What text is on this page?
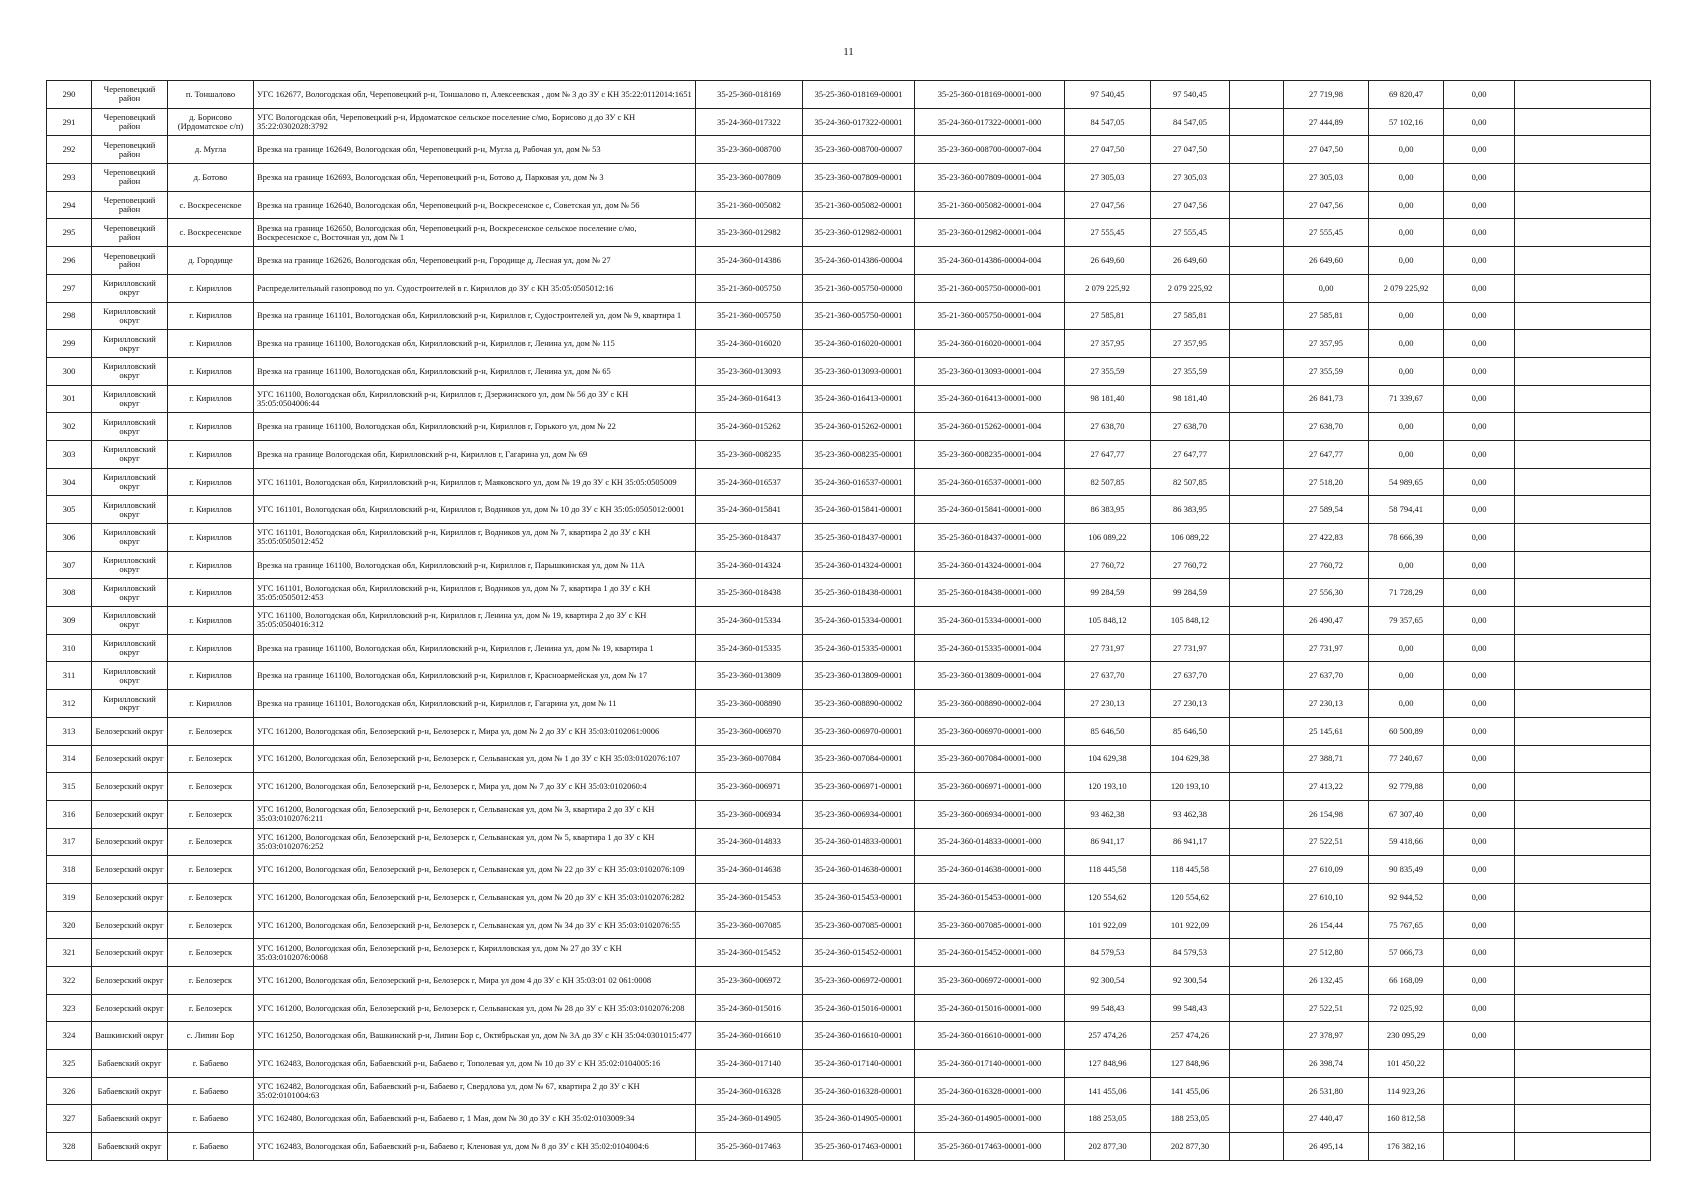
11
290	Череповецкий район	п. Тоншалово	УГС 162677, Вологодская обл, Череповецкий р-н, Тоншалово п, Алексеевская , дом № 3 до ЗУ с КН 35:22:0112014:1651	35-25-360-018169	35-25-360-018169-00001	35-25-360-018169-00001-000	97 540,45	97 540,45		27 719,98	69 820,47	0,00	
291	Череповецкий район	д. Борисово (Ирдоматское с/п)	УГС Вологодская обл, Череповецкий р-н, Ирдоматское сельское поселение с/мо, Борисово д до ЗУ с КН 35:22:0302028:3792	35-24-360-017322	35-24-360-017322-00001	35-24-360-017322-00001-000	84 547,05	84 547,05		27 444,89	57 102,16	0,00	
292	Череповецкий район	д. Мугла	Врезка на границе 162649, Вологодская обл, Череповецкий р-н, Мугла д, Рабочая ул, дом № 53	35-23-360-008700	35-23-360-008700-00007	35-23-360-008700-00007-004	27 047,50	27 047,50		27 047,50	0,00	0,00	
293	Череповецкий район	д. Ботово	Врезка на границе 162693, Вологодская обл, Череповецкий р-н, Ботово д, Парковая ул, дом № 3	35-23-360-007809	35-23-360-007809-00001	35-23-360-007809-00001-004	27 305,03	27 305,03		27 305,03	0,00	0,00	
294	Череповецкий район	с. Воскресенское	Врезка на границе 162640, Вологодская обл, Череповецкий р-н, Воскресенское с, Советская ул, дом № 56	35-21-360-005082	35-21-360-005082-00001	35-21-360-005082-00001-004	27 047,56	27 047,56		27 047,56	0,00	0,00	
295	Череповецкий район	с. Воскресенское	Врезка на границе 162650, Вологодская обл, Череповецкий р-н, Воскресенское сельское поселение с/мо, Воскресенское с, Восточная ул, дом № 1	35-23-360-012982	35-23-360-012982-00001	35-23-360-012982-00001-004	27 555,45	27 555,45		27 555,45	0,00	0,00	
296	Череповецкий район	д. Городище	Врезка на границе 162626, Вологодская обл, Череповецкий р-н, Городище д, Лесная ул, дом № 27	35-24-360-014386	35-24-360-014386-00004	35-24-360-014386-00004-004	26 649,60	26 649,60		26 649,60	0,00	0,00	
297	Кирилловский округ	г. Кириллов	Распределительный газопровод по ул. Судостроителей в г. Кириллов до ЗУ с КН 35:05:0505012:16	35-21-360-005750	35-21-360-005750-00000	35-21-360-005750-00000-001	2 079 225,92	2 079 225,92		0,00	2 079 225,92	0,00	
298	Кирилловский округ	г. Кириллов	Врезка на границе 161101, Вологодская обл, Кирилловский р-н, Кириллов г, Судостроителей ул, дом № 9, квартира 1	35-21-360-005750	35-21-360-005750-00001	35-21-360-005750-00001-004	27 585,81	27 585,81		27 585,81	0,00	0,00	
299	Кирилловский округ	г. Кириллов	Врезка на границе 161100, Вологодская обл, Кирилловский р-н, Кириллов г, Ленина ул, дом № 115	35-24-360-016020	35-24-360-016020-00001	35-24-360-016020-00001-004	27 357,95	27 357,95		27 357,95	0,00	0,00	
300	Кирилловский округ	г. Кириллов	Врезка на границе 161100, Вологодская обл, Кирилловский р-н, Кириллов г, Ленина ул, дом № 65	35-23-360-013093	35-23-360-013093-00001	35-23-360-013093-00001-004	27 355,59	27 355,59		27 355,59	0,00	0,00	
301	Кирилловский округ	г. Кириллов	УГС 161100, Вологодская обл, Кирилловский р-н, Кириллов г, Дзержинского ул, дом № 56 до ЗУ с КН 35:05:0504006:44	35-24-360-016413	35-24-360-016413-00001	35-24-360-016413-00001-000	98 181,40	98 181,40		26 841,73	71 339,67	0,00	
302	Кирилловский округ	г. Кириллов	Врезка на границе 161100, Вологодская обл, Кирилловский р-н, Кириллов г, Горького ул, дом № 22	35-24-360-015262	35-24-360-015262-00001	35-24-360-015262-00001-004	27 638,70	27 638,70		27 638,70	0,00	0,00	
303	Кирилловский округ	г. Кириллов	Врезка на границе Вологодская обл, Кирилловский р-н, Кириллов г, Гагарина ул, дом № 69	35-23-360-008235	35-23-360-008235-00001	35-23-360-008235-00001-004	27 647,77	27 647,77		27 647,77	0,00	0,00	
304	Кирилловский округ	г. Кириллов	УГС 161101, Вологодская обл, Кирилловский р-н, Кириллов г, Маяковского ул, дом № 19 до ЗУ с КН 35:05:0505009	35-24-360-016537	35-24-360-016537-00001	35-24-360-016537-00001-000	82 507,85	82 507,85		27 518,20	54 989,65	0,00	
305	Кирилловский округ	г. Кириллов	УГС 161101, Вологодская обл, Кирилловский р-н, Кириллов г, Водников ул, дом № 10 до ЗУ с КН 35:05:0505012:0001	35-24-360-015841	35-24-360-015841-00001	35-24-360-015841-00001-000	86 383,95	86 383,95		27 589,54	58 794,41	0,00	
306	Кирилловский округ	г. Кириллов	УГС 161101, Вологодская обл, Кирилловский р-н, Кириллов г, Водников ул, дом № 7, квартира 2 до ЗУ с КН 35:05:0505012:452	35-25-360-018437	35-25-360-018437-00001	35-25-360-018437-00001-000	106 089,22	106 089,22		27 422,83	78 666,39	0,00	
307	Кирилловский округ	г. Кириллов	Врезка на границе 161100, Вологодская обл, Кирилловский р-н, Кириллов г, Парышкинская ул, дом № 11А	35-24-360-014324	35-24-360-014324-00001	35-24-360-014324-00001-004	27 760,72	27 760,72		27 760,72	0,00	0,00	
308	Кирилловский округ	г. Кириллов	УГС 161101, Вологодская обл, Кирилловский р-н, Кириллов г, Водников ул, дом № 7, квартира 1 до ЗУ с КН 35:05:0505012:453	35-25-360-018438	35-25-360-018438-00001	35-25-360-018438-00001-000	99 284,59	99 284,59		27 556,30	71 728,29	0,00	
309	Кирилловский округ	г. Кириллов	УГС 161100, Вологодская обл, Кирилловский р-н, Кириллов г, Ленина ул, дом № 19, квартира 2 до ЗУ с КН 35:05:0504016:312	35-24-360-015334	35-24-360-015334-00001	35-24-360-015334-00001-000	105 848,12	105 848,12		26 490,47	79 357,65	0,00	
310	Кирилловский округ	г. Кириллов	Врезка на границе 161100, Вологодская обл, Кирилловский р-н, Кириллов г, Ленина ул, дом № 19, квартира 1	35-24-360-015335	35-24-360-015335-00001	35-24-360-015335-00001-004	27 731,97	27 731,97		27 731,97	0,00	0,00	
311	Кирилловский округ	г. Кириллов	Врезка на границе 161100, Вологодская обл, Кирилловский р-н, Кириллов г, Красноармейская ул, дом № 17	35-23-360-013809	35-23-360-013809-00001	35-23-360-013809-00001-004	27 637,70	27 637,70		27 637,70	0,00	0,00	
312	Кирилловский округ	г. Кириллов	Врезка на границе 161101, Вологодская обл, Кирилловский р-н, Кириллов г, Гагарина ул, дом № 11	35-23-360-008890	35-23-360-008890-00002	35-23-360-008890-00002-004	27 230,13	27 230,13		27 230,13	0,00	0,00	
313	Белозерский округ	г. Белозерск	УГС 161200, Вологодская обл, Белозерский р-н, Белозерск г, Мира ул, дом № 2 до ЗУ с КН 35:03:0102061:0006	35-23-360-006970	35-23-360-006970-00001	35-23-360-006970-00001-000	85 646,50	85 646,50		25 145,61	60 500,89	0,00	
314	Белозерский округ	г. Белозерск	УГС 161200, Вологодская обл, Белозерский р-н, Белозерск г, Сельванская ул, дом № 1 до ЗУ с КН 35:03:0102076:107	35-23-360-007084	35-23-360-007084-00001	35-23-360-007084-00001-000	104 629,38	104 629,38		27 388,71	77 240,67	0,00	
315	Белозерский округ	г. Белозерск	УГС 161200, Вологодская обл, Белозерский р-н, Белозерск г, Мира ул, дом № 7 до ЗУ с КН 35:03:0102060:4	35-23-360-006971	35-23-360-006971-00001	35-23-360-006971-00001-000	120 193,10	120 193,10		27 413,22	92 779,88	0,00	
316	Белозерский округ	г. Белозерск	УГС 161200, Вологодская обл, Белозерский р-н, Белозерск г, Сельванская ул, дом № 3, квартира 2 до ЗУ с КН 35:03:0102076:211	35-23-360-006934	35-23-360-006934-00001	35-23-360-006934-00001-000	93 462,38	93 462,38		26 154,98	67 307,40	0,00	
317	Белозерский округ	г. Белозерск	УГС 161200, Вологодская обл, Белозерский р-н, Белозерск г, Сельванская ул, дом № 5, квартира 1 до ЗУ с КН 35:03:0102076:252	35-24-360-014833	35-24-360-014833-00001	35-24-360-014833-00001-000	86 941,17	86 941,17		27 522,51	59 418,66	0,00	
318	Белозерский округ	г. Белозерск	УГС 161200, Вологодская обл, Белозерский р-н, Белозерск г, Сельванская ул, дом № 22 до ЗУ с КН 35:03:0102076:109	35-24-360-014638	35-24-360-014638-00001	35-24-360-014638-00001-000	118 445,58	118 445,58		27 610,09	90 835,49	0,00	
319	Белозерский округ	г. Белозерск	УГС 161200, Вологодская обл, Белозерский р-н, Белозерск г, Сельванская ул, дом № 20 до ЗУ с КН 35:03:0102076:282	35-24-360-015453	35-24-360-015453-00001	35-24-360-015453-00001-000	120 554,62	120 554,62		27 610,10	92 944,52	0,00	
320	Белозерский округ	г. Белозерск	УГС 161200, Вологодская обл, Белозерский р-н, Белозерск г, Сельванская ул, дом № 34 до ЗУ с КН 35:03:0102076:55	35-23-360-007085	35-23-360-007085-00001	35-23-360-007085-00001-000	101 922,09	101 922,09		26 154,44	75 767,65	0,00	
321	Белозерский округ	г. Белозерск	УГС 161200, Вологодская обл, Белозерский р-н, Белозерск г, Кирилловская ул, дом № 27 до ЗУ с КН 35:03:0102076:0068	35-24-360-015452	35-24-360-015452-00001	35-24-360-015452-00001-000	84 579,53	84 579,53		27 512,80	57 066,73	0,00	
322	Белозерский округ	г. Белозерск	УГС 161200, Вологодская обл, Белозерский р-н, Белозерск г, Мира ул дом 4 до ЗУ с КН 35:03:01 02 061:0008	35-23-360-006972	35-23-360-006972-00001	35-23-360-006972-00001-000	92 300,54	92 300,54		26 132,45	66 168,09	0,00	
323	Белозерский округ	г. Белозерск	УГС 161200, Вологодская обл, Белозерский р-н, Белозерск г, Сельванская ул, дом № 28 до ЗУ с КН 35:03:0102076:208	35-24-360-015016	35-24-360-015016-00001	35-24-360-015016-00001-000	99 548,43	99 548,43		27 522,51	72 025,92	0,00	
324	Вашкинский округ	с. Липин Бор	УГС 161250, Вологодская обл, Вашкинский р-н, Липин Бор с, Октябрьская ул, дом № 3А до ЗУ с КН 35:04:0301015:477	35-24-360-016610	35-24-360-016610-00001	35-24-360-016610-00001-000	257 474,26	257 474,26		27 378,97	230 095,29	0,00	
325	Бабаевский округ	г. Бабаево	УГС 162483, Вологодская обл, Бабаевский р-н, Бабаево г, Тополевая ул, дом № 10 до ЗУ с КН 35:02:0104005:16	35-24-360-017140	35-24-360-017140-00001	35-24-360-017140-00001-000	127 848,96	127 848,96		26 398,74	101 450,22		
326	Бабаевский округ	г. Бабаево	УГС 162482, Вологодская обл, Бабаевский р-н, Бабаево г, Свердлова ул, дом № 67, квартира 2 до ЗУ с КН 35:02:0101004:63	35-24-360-016328	35-24-360-016328-00001	35-24-360-016328-00001-000	141 455,06	141 455,06		26 531,80	114 923,26		
327	Бабаевский округ	г. Бабаево	УГС 162480, Вологодская обл, Бабаевский р-н, Бабаево г, 1 Мая, дом № 30 до ЗУ с КН 35:02:0103009:34	35-24-360-014905	35-24-360-014905-00001	35-24-360-014905-00001-000	188 253,05	188 253,05		27 440,47	160 812,58		
328	Бабаевский округ	г. Бабаево	УГС 162483, Вологодская обл, Бабаевский р-н, Бабаево г, Кленовая ул, дом № 8 до ЗУ с КН 35:02:0104004:6	35-25-360-017463	35-25-360-017463-00001	35-25-360-017463-00001-000	202 877,30	202 877,30		26 495,14	176 382,16		
